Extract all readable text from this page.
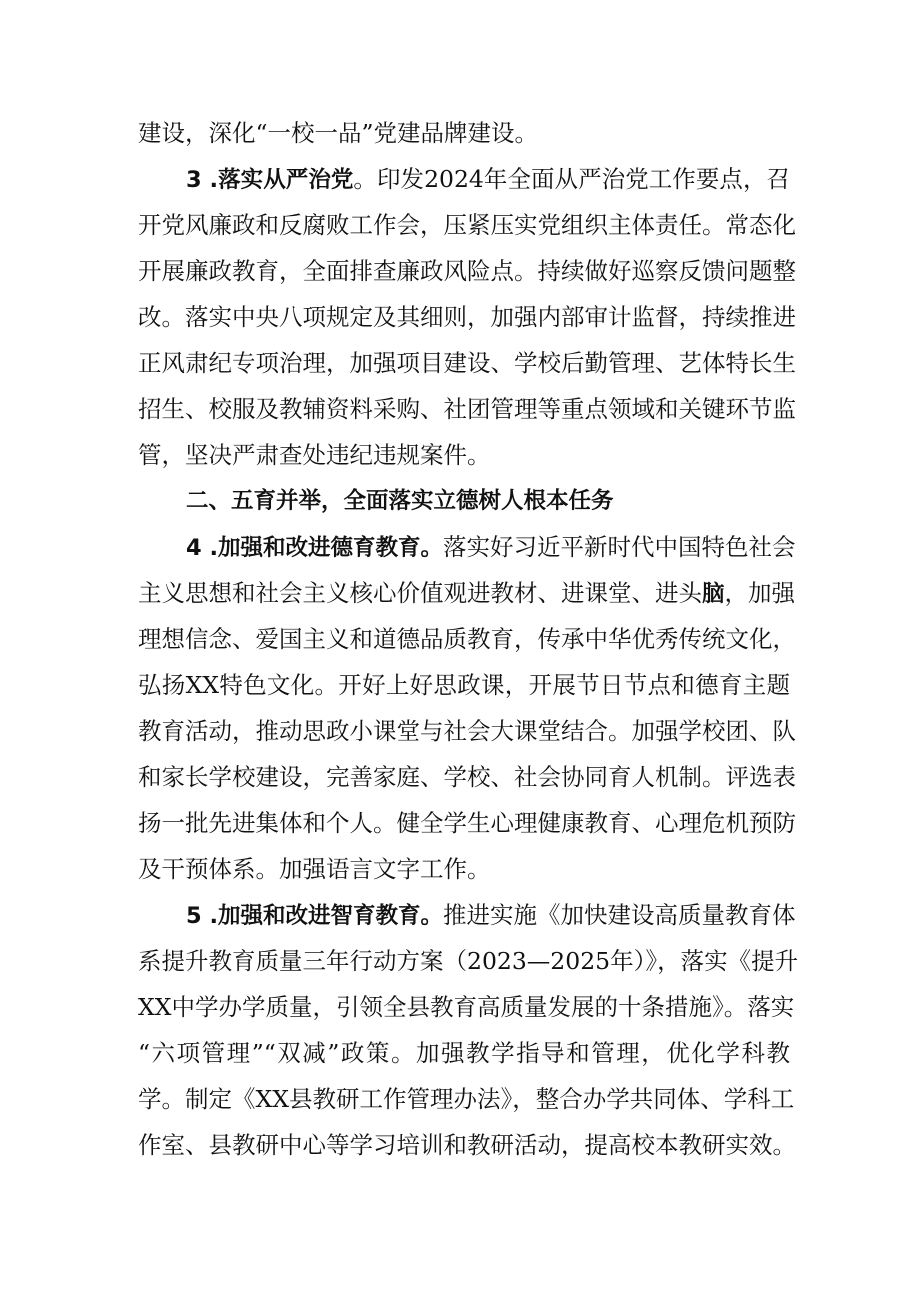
建设，深化“一校一品”党建品牌建设。
3 .落实从严治党。印发2024年全面从严治党工作要点，召
开党风廉政和反腐败工作会，压紧压实党组织主体责任。常态化
开展廉政教育，全面排查廉政风险点。持续做好巡察反馈问题整
改。落实中央八项规定及其细则，加强内部审计监督，持续推进
正风肃纪专项治理，加强项目建设、学校后勤管理、艺体特长生
招生、校服及教辅资料采购、社团管理等重点领域和关键环节监
管，坚决严肃查处违纪违规案件。
二、五育并举，全面落实立德树人根本任务
4 .加强和改进德育教育。落实好习近平新时代中国特色社会
主义思想和社会主义核心价值观进教材、进课堂、进头脑，加强
理想信念、爱国主义和道德品质教育，传承中华优秀传统文化，
弘扬XX特色文化。开好上好思政课，开展节日节点和德育主题
教育活动，推动思政小课堂与社会大课堂结合。加强学校团、队
和家长学校建设，完善家庭、学校、社会协同育人机制。评选表
扬一批先进集体和个人。健全学生心理健康教育、心理危机预防
及干预体系。加强语言文字工作。
5 .加强和改进智育教育。推进实施《加快建设高质量教育体
系提升教育质量三年行动方案（2023—2025年）》，落实《提升
XX中学办学质量，引领全县教育高质量发展的十条措施》。落实
“六项管理”“双减”政策。加强教学指导和管理，优化学科教
学。制定《XX县教研工作管理办法》，整合办学共同体、学科工
作室、县教研中心等学习培训和教研活动，提高校本教研实效。
